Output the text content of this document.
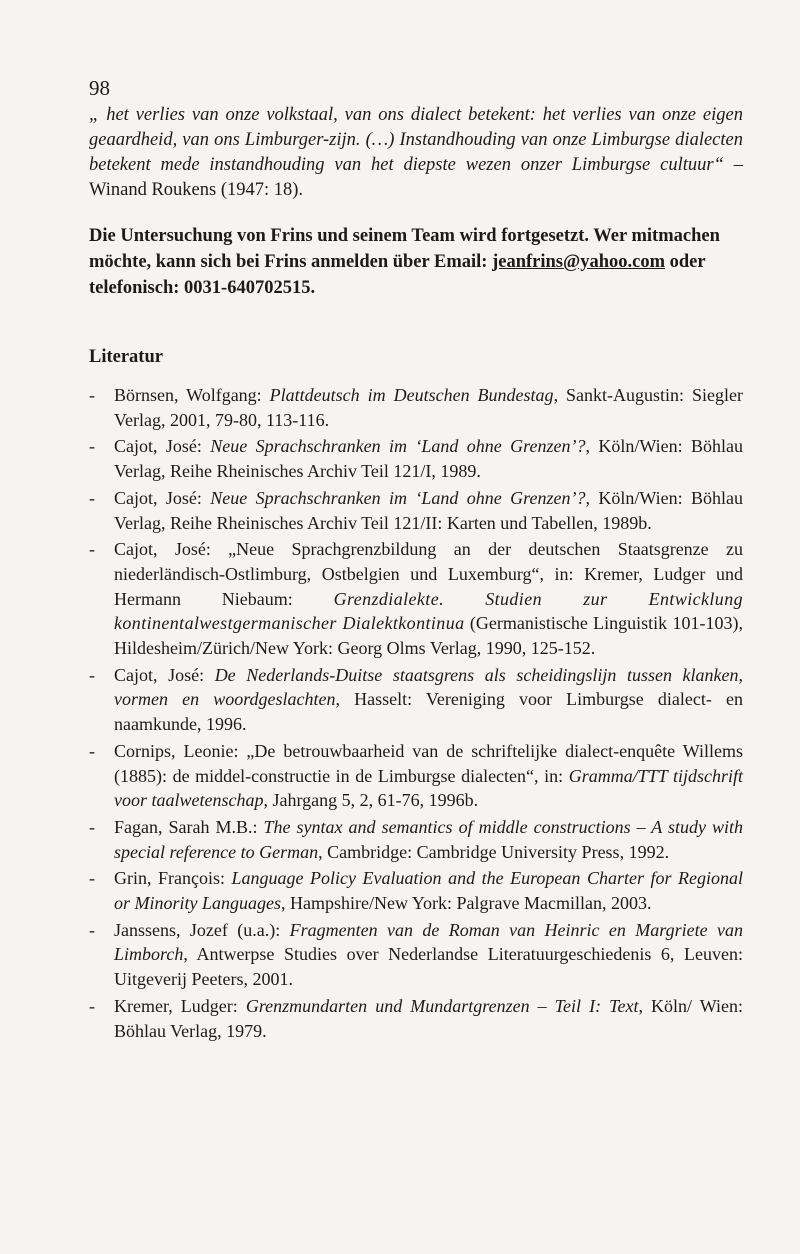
98

„ het verlies van onze volkstaal, van ons dialect betekent: het verlies van onze eigen geaardheid, van ons Limburger-zijn. (…) Instandhouding van onze Limburgse dialecten betekent mede instandhouding van het diepste wezen onzer Limburgse cultuur“ – Winand Roukens (1947: 18).

Die Untersuchung von Frins und seinem Team wird fortgesetzt. Wer mitmachen möchte, kann sich bei Frins anmelden über Email: jeanfrins@yahoo.com oder telefonisch: 0031-640702515.

Literatur
- Börnsen, Wolfgang: Plattdeutsch im Deutschen Bundestag, Sankt-Augustin: Siegler Verlag, 2001, 79-80, 113-116.
- Cajot, José: Neue Sprachschranken im ‘Land ohne Grenzen’?, Köln/Wien: Böhlau Verlag, Reihe Rheinisches Archiv Teil 121/I, 1989.
- Cajot, José: Neue Sprachschranken im ‘Land ohne Grenzen’?, Köln/Wien: Böhlau Verlag, Reihe Rheinisches Archiv Teil 121/II: Karten und Tabellen, 1989b.
- Cajot, José: „Neue Sprachgrenzbildung an der deutschen Staatsgrenze zu niederländisch-Ostlimburg, Ostbelgien und Luxemburg“, in: Kremer, Ludger und Hermann Niebaum: Grenzdialekte. Studien zur Entwicklung kontinentalwestgermanischer Dialektkontinua (Germanistische Linguistik 101-103), Hildesheim/Zürich/New York: Georg Olms Verlag, 1990, 125-152.
- Cajot, José: De Nederlands-Duitse staatsgrens als scheidingslijn tussen klanken, vormen en woordgeslachten, Hasselt: Vereniging voor Limburgse dialect- en naamkunde, 1996.
- Cornips, Leonie: „De betrouwbaarheid van de schriftelijke dialect-enquête Willems (1885): de middel-constructie in de Limburgse dialecten“, in: Gramma/TTT tijdschrift voor taalwetenschap, Jahrgang 5, 2, 61-76, 1996b.
- Fagan, Sarah M.B.: The syntax and semantics of middle constructions – A study with special reference to German, Cambridge: Cambridge University Press, 1992.
- Grin, François: Language Policy Evaluation and the European Charter for Regional or Minority Languages, Hampshire/New York: Palgrave Macmillan, 2003.
- Janssens, Jozef (u.a.): Fragmenten van de Roman van Heinric en Margriete van Limborch, Antwerpse Studies over Nederlandse Literatuurgeschiedenis 6, Leuven: Uitgeverij Peeters, 2001.
- Kremer, Ludger: Grenzmundarten und Mundartgrenzen – Teil I: Text, Köln/ Wien: Böhlau Verlag, 1979.
